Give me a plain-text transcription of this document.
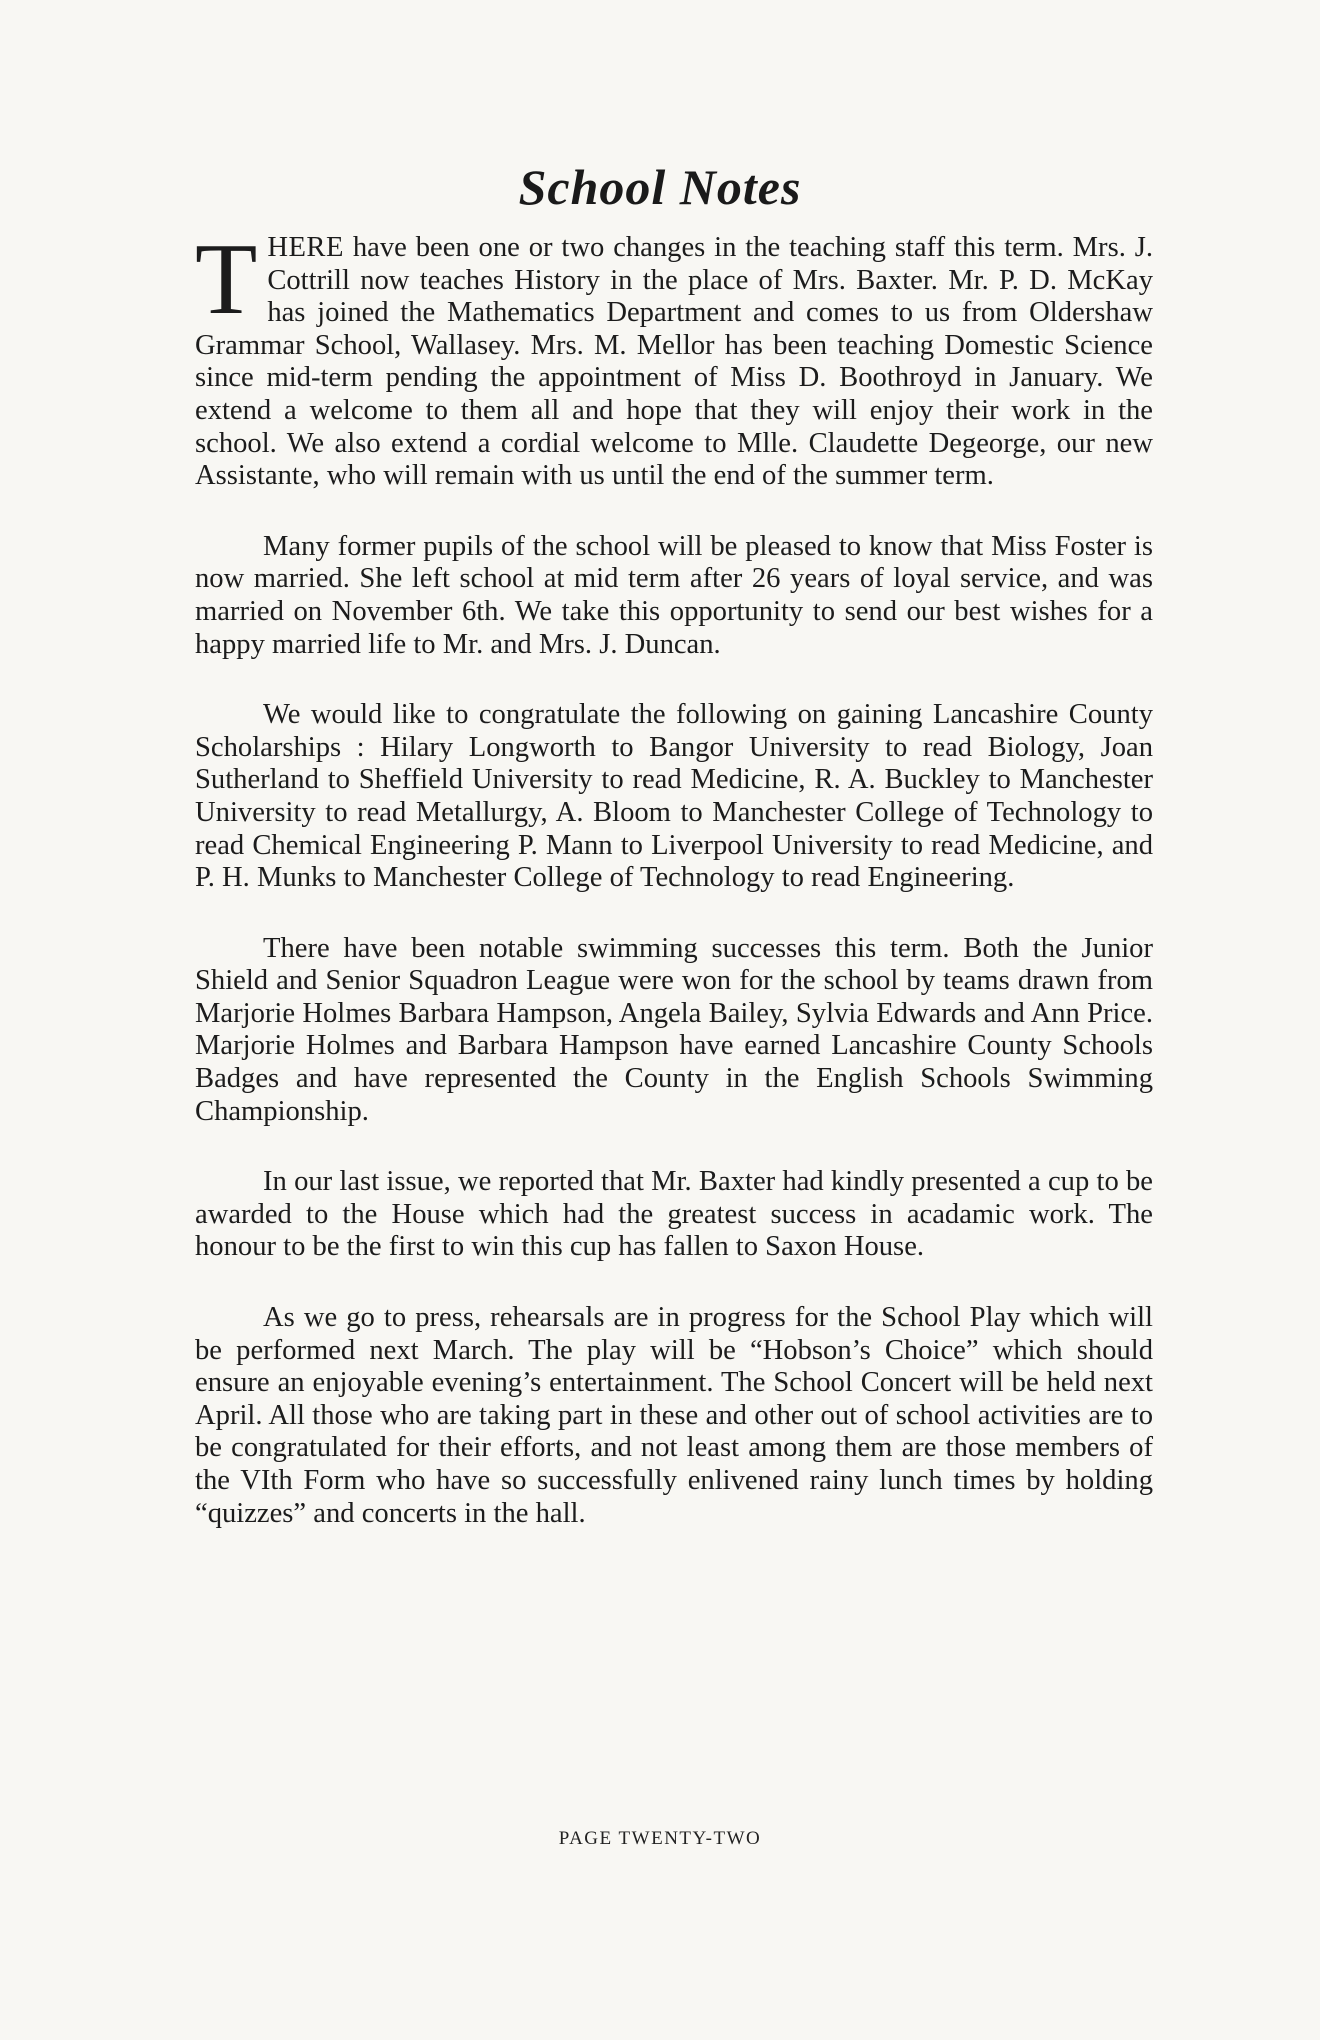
School Notes

THERE have been one or two changes in the teaching staff this term. Mrs. J. Cottrill now teaches History in the place of Mrs. Baxter. Mr. P. D. McKay has joined the Mathematics Department and comes to us from Oldershaw Grammar School, Wallasey. Mrs. M. Mellor has been teaching Domestic Science since mid-term pending the appointment of Miss D. Boothroyd in January. We extend a welcome to them all and hope that they will enjoy their work in the school. We also extend a cordial welcome to Mlle. Claudette Degeorge, our new Assistante, who will remain with us until the end of the summer term.

Many former pupils of the school will be pleased to know that Miss Foster is now married. She left school at mid term after 26 years of loyal service, and was married on November 6th. We take this opportunity to send our best wishes for a happy married life to Mr. and Mrs. J. Duncan.

We would like to congratulate the following on gaining Lancashire County Scholarships : Hilary Longworth to Bangor University to read Biology, Joan Sutherland to Sheffield University to read Medicine, R. A. Buckley to Manchester University to read Metallurgy, A. Bloom to Manchester College of Technology to read Chemical Engineering P. Mann to Liverpool University to read Medicine, and P. H. Munks to Manchester College of Technology to read Engineering.

There have been notable swimming successes this term. Both the Junior Shield and Senior Squadron League were won for the school by teams drawn from Marjorie Holmes Barbara Hampson, Angela Bailey, Sylvia Edwards and Ann Price. Marjorie Holmes and Barbara Hampson have earned Lancashire County Schools Badges and have represented the County in the English Schools Swimming Championship.

In our last issue, we reported that Mr. Baxter had kindly presented a cup to be awarded to the House which had the greatest success in acadamic work. The honour to be the first to win this cup has fallen to Saxon House.

As we go to press, rehearsals are in progress for the School Play which will be performed next March. The play will be “Hobson’s Choice” which should ensure an enjoyable evening’s entertainment. The School Concert will be held next April. All those who are taking part in these and other out of school activities are to be congratulated for their efforts, and not least among them are those members of the VIth Form who have so successfully enlivened rainy lunch times by holding “quizzes” and concerts in the hall.

PAGE TWENTY-TWO
